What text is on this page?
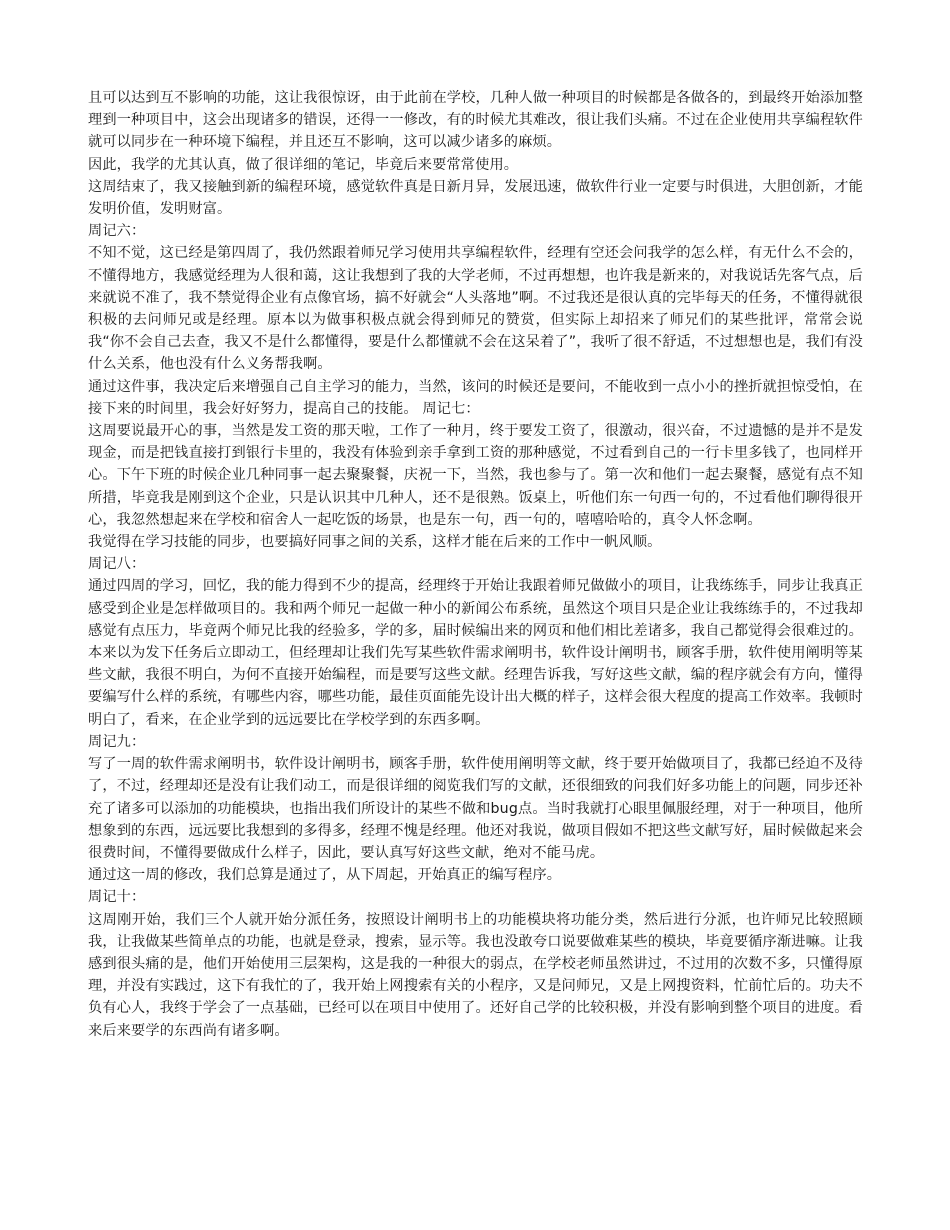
且可以达到互不影响的功能，这让我很惊讶，由于此前在学校，几种人做一种项目的时候都是各做各的，到最终开始添加整理到一种项目中，这会出现诸多的错误，还得一一修改，有的时候尤其难改，很让我们头痛。不过在企业使用共享编程软件就可以同步在一种环境下编程，并且还互不影响，这可以减少诸多的麻烦。

因此，我学的尤其认真，做了很详细的笔记，毕竟后来要常常使用。

这周结束了，我又接触到新的编程环境，感觉软件真是日新月异，发展迅速，做软件行业一定要与时俱进，大胆创新，才能发明价值，发明财富。

周记六：

不知不觉，这已经是第四周了，我仍然跟着师兄学习使用共享编程软件，经理有空还会问我学的怎么样，有无什么不会的，不懂得地方，我感觉经理为人很和蔼，这让我想到了我的大学老师，不过再想想，也许我是新来的，对我说话先客气点，后来就说不准了，我不禁觉得企业有点像官场，搞不好就会“人头落地”啊。不过我还是很认真的完毕每天的任务，不懂得就很积极的去问师兄或是经理。原本以为做事积极点就会得到师兄的赞赏，但实际上却招来了师兄们的某些批评，常常会说我“你不会自己去查，我又不是什么都懂得，要是什么都懂就不会在这呆着了”，我听了很不舒适，不过想想也是，我们有没什么关系，他也没有什么义务帮我啊。

通过这件事，我决定后来增强自己自主学习的能力，当然，该问的时候还是要问，不能收到一点小小的挫折就担惊受怕，在接下来的时间里，我会好好努力，提高自己的技能。 周记七：

这周要说最开心的事，当然是发工资的那天啦，工作了一种月，终于要发工资了，很激动，很兴奋，不过遗憾的是并不是发现金，而是把钱直接打到银行卡里的，我没有体验到亲手拿到工资的那种感觉，不过看到自己的一行卡里多钱了，也同样开心。下午下班的时候企业几种同事一起去聚聚餐，庆祝一下，当然，我也参与了。第一次和他们一起去聚餐，感觉有点不知所措，毕竟我是刚到这个企业，只是认识其中几种人，还不是很熟。饭桌上，听他们东一句西一句的，不过看他们聊得很开心，我忽然想起来在学校和宿舍人一起吃饭的场景，也是东一句，西一句的，嘻嘻哈哈的，真令人怀念啊。

我觉得在学习技能的同步，也要搞好同事之间的关系，这样才能在后来的工作中一帆风顺。

周记八：

通过四周的学习，回忆，我的能力得到不少的提高，经理终于开始让我跟着师兄做做小的项目，让我练练手，同步让我真正感受到企业是怎样做项目的。我和两个师兄一起做一种小的新闻公布系统，虽然这个项目只是企业让我练练手的，不过我却感觉有点压力，毕竟两个师兄比我的经验多，学的多，届时候编出来的网页和他们相比差诸多，我自己都觉得会很难过的。本来以为发下任务后立即动工，但经理却让我们先写某些软件需求阐明书，软件设计阐明书，顾客手册，软件使用阐明等某些文献，我很不明白，为何不直接开始编程，而是要写这些文献。经理告诉我，写好这些文献，编的程序就会有方向，懂得要编写什么样的系统，有哪些内容，哪些功能，最佳页面能先设计出大概的样子，这样会很大程度的提高工作效率。我顿时明白了，看来，在企业学到的远远要比在学校学到的东西多啊。

周记九：

写了一周的软件需求阐明书，软件设计阐明书，顾客手册，软件使用阐明等文献，终于要开始做项目了，我都已经迫不及待了，不过，经理却还是没有让我们动工，而是很详细的阅览我们写的文献，还很细致的问我们好多功能上的问题，同步还补充了诸多可以添加的功能模块，也指出我们所设计的某些不做和bug点。当时我就打心眼里佩服经理，对于一种项目，他所想象到的东西，远远要比我想到的多得多，经理不愧是经理。他还对我说，做项目假如不把这些文献写好，届时候做起来会很费时间，不懂得要做成什么样子，因此，要认真写好这些文献，绝对不能马虎。

通过这一周的修改，我们总算是通过了，从下周起，开始真正的编写程序。

周记十：

这周刚开始，我们三个人就开始分派任务，按照设计阐明书上的功能模块将功能分类，然后进行分派，也许师兄比较照顾我，让我做某些简单点的功能，也就是登录，搜索，显示等。我也没敢夸口说要做难某些的模块，毕竟要循序渐进嘛。让我感到很头痛的是，他们开始使用三层架构，这是我的一种很大的弱点，在学校老师虽然讲过，不过用的次数不多，只懂得原理，并没有实践过，这下有我忙的了，我开始上网搜索有关的小程序，又是问师兄，又是上网搜资料，忙前忙后的。功夫不负有心人，我终于学会了一点基础，已经可以在项目中使用了。还好自己学的比较积极，并没有影响到整个项目的进度。看来后来要学的东西尚有诸多啊。
